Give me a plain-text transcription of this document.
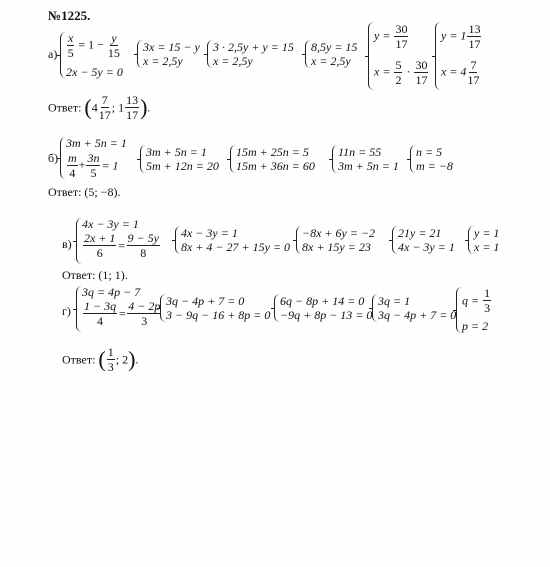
№1225.
$а) \frac{x}{5} = 1 - \frac{y}{15}$
2x − 5y = 0
3x = 15 − y
x = 2,5y
3 · 2,5y + y = 15
x = 2,5y
8,5y = 15
x = 2,5y
$y = \frac{30}{17}$
$x = \frac{5}{2} \cdot \frac{30}{17}$
$y = 1 \frac{13}{17}$
$x = 4 \frac{7}{17}$
Ответ: ($4 \frac{7}{17}$ ; $1 \frac{13}{17}$ ).
б)
3m + 5n = 1
$\frac{m}{4} + \frac{3n}{5} = 1$
3m + 5n = 1
5m + 12n = 20
15m + 25n = 5
15m + 36n = 60
11n = 55
3m + 5n = 1
n = 5
m = −8
Ответ: (5; −8).
в)
4x − 3y = 1
$\frac{2x + 1}{6} = \frac{9 - 5y}{8} 4x - 3y = 1$
8x + 4 − 27 + 15y = 0
−8x + 6y = −2
8x + 15y = 23
21y = 21
4x − 3y = 1
y = 1
x = 1
Ответ: (1; 1).
г)
3q = 4p − 7
$\frac{1 - 3q}{4} = \frac{4 - 2p}{3} 3q - 4p + 7 = 0$
3 − 9q − 16 + 8p = 0
6q − 8p + 14 = 0
−9q + 8p − 13 = 0
3q = 1
3q − 4p + 7 = 0
$q = \frac{1}{3}$
p = 2
Ответ: ( $\frac{1}{3}$ ; 2).
